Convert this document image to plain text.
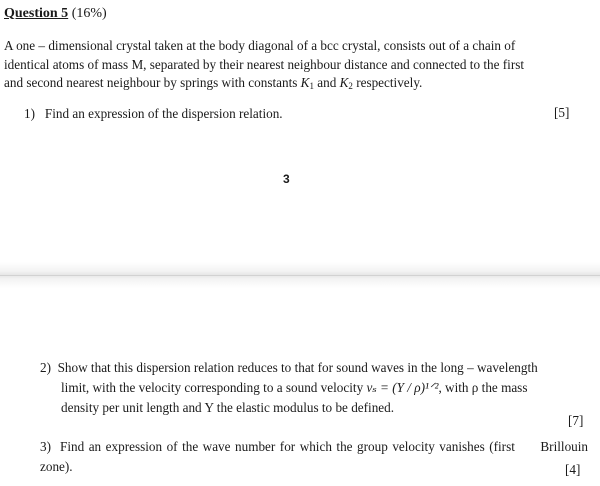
Question 5 (16%)
A one – dimensional crystal taken at the body diagonal of a bcc crystal, consists out of a chain of
identical atoms of mass M, separated by their nearest neighbour distance and connected to the first
and second nearest neighbour by springs with constants $K_1$ and $K_2$ respectively.
1) Find an expression of the dispersion relation.	[5]
3
2) Show that this dispersion relation reduces to that for sound waves in the long – wavelength
limit, with the velocity corresponding to a sound velocity vₛ = (Y / ρ)¹ᐟ², with ρ the mass
density per unit length and Y the elastic modulus to be defined.
[7]
3) Find an expression of the wave number for which the group velocity vanishes (first Brillouin zone).	[4]
